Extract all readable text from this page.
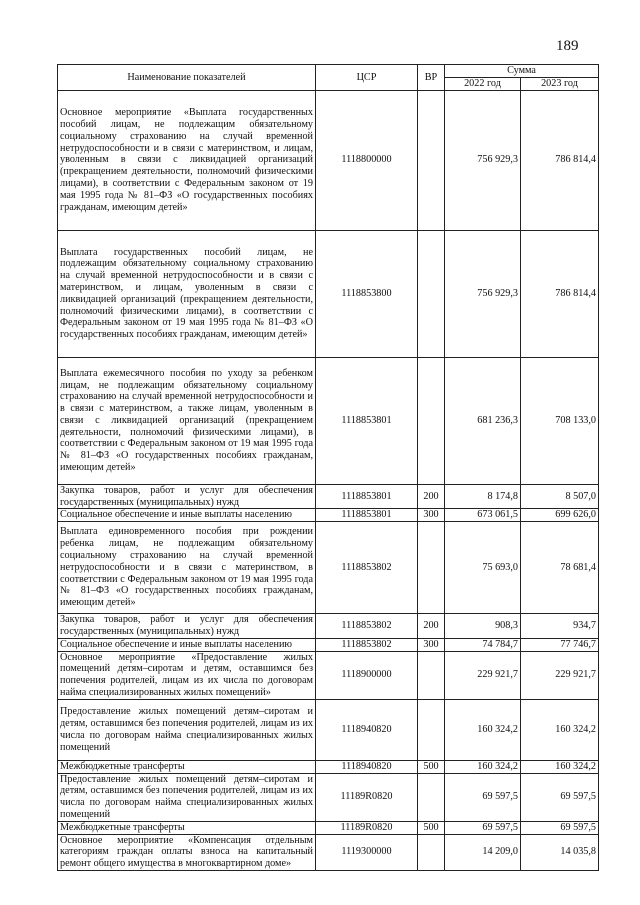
189
Наименование показателей	ЦСР	ВР	Сумма	
			2022 год	2023 год
Основное мероприятие «Выплата государственных пособий лицам, не подлежащим обязательному социальному страхованию на случай временной нетрудоспособности и в связи с материнством, и лицам, уволенным в связи с ликвидацией организаций (прекращением деятельности, полномочий физическими лицами), в соответствии с Федеральным законом от 19 мая 1995 года № 81–ФЗ «О государственных пособиях гражданам, имеющим детей»	1118800000		756 929,3	786 814,4
Выплата государственных пособий лицам, не подлежащим обязательному социальному страхованию на случай временной нетрудоспособности и в связи с материнством, и лицам, уволенным в связи с ликвидацией организаций (прекращением деятельности, полномочий физическими лицами), в соответствии с Федеральным законом от 19 мая 1995 года № 81–ФЗ «О государственных пособиях гражданам, имеющим детей»	1118853800		756 929,3	786 814,4
Выплата ежемесячного пособия по уходу за ребенком лицам, не подлежащим обязательному социальному страхованию на случай временной нетрудоспособности и в связи с материнством, а также лицам, уволенным в связи с ликвидацией организаций (прекращением деятельности, полномочий физическими лицами), в соответствии с Федеральным законом от 19 мая 1995 года № 81–ФЗ «О государственных пособиях гражданам, имеющим детей»	1118853801		681 236,3	708 133,0
Закупка товаров, работ и услуг для обеспечения государственных (муниципальных) нужд	1118853801	200	8 174,8	8 507,0
Социальное обеспечение и иные выплаты населению	1118853801	300	673 061,5	699 626,0
Выплата единовременного пособия при рождении ребенка лицам, не подлежащим обязательному социальному страхованию на случай временной нетрудоспособности и в связи с материнством, в соответствии с Федеральным законом от 19 мая 1995 года № 81–ФЗ «О государственных пособиях гражданам, имеющим детей»	1118853802		75 693,0	78 681,4
Закупка товаров, работ и услуг для обеспечения государственных (муниципальных) нужд	1118853802	200	908,3	934,7
Социальное обеспечение и иные выплаты населению	1118853802	300	74 784,7	77 746,7
Основное мероприятие «Предоставление жилых помещений детям–сиротам и детям, оставшимся без попечения родителей, лицам из их числа по договорам найма специализированных жилых помещений»	1118900000		229 921,7	229 921,7
Предоставление жилых помещений детям–сиротам и детям, оставшимся без попечения родителей, лицам из их числа по договорам найма специализированных жилых помещений	1118940820		160 324,2	160 324,2
Межбюджетные трансферты	1118940820	500	160 324,2	160 324,2
Предоставление жилых помещений детям–сиротам и детям, оставшимся без попечения родителей, лицам из их числа по договорам найма специализированных жилых помещений	11189R0820		69 597,5	69 597,5
Межбюджетные трансферты	11189R0820	500	69 597,5	69 597,5
Основное мероприятие «Компенсация отдельным категориям граждан оплаты взноса на капитальный ремонт общего имущества в многоквартирном доме»	1119300000		14 209,0	14 035,8
